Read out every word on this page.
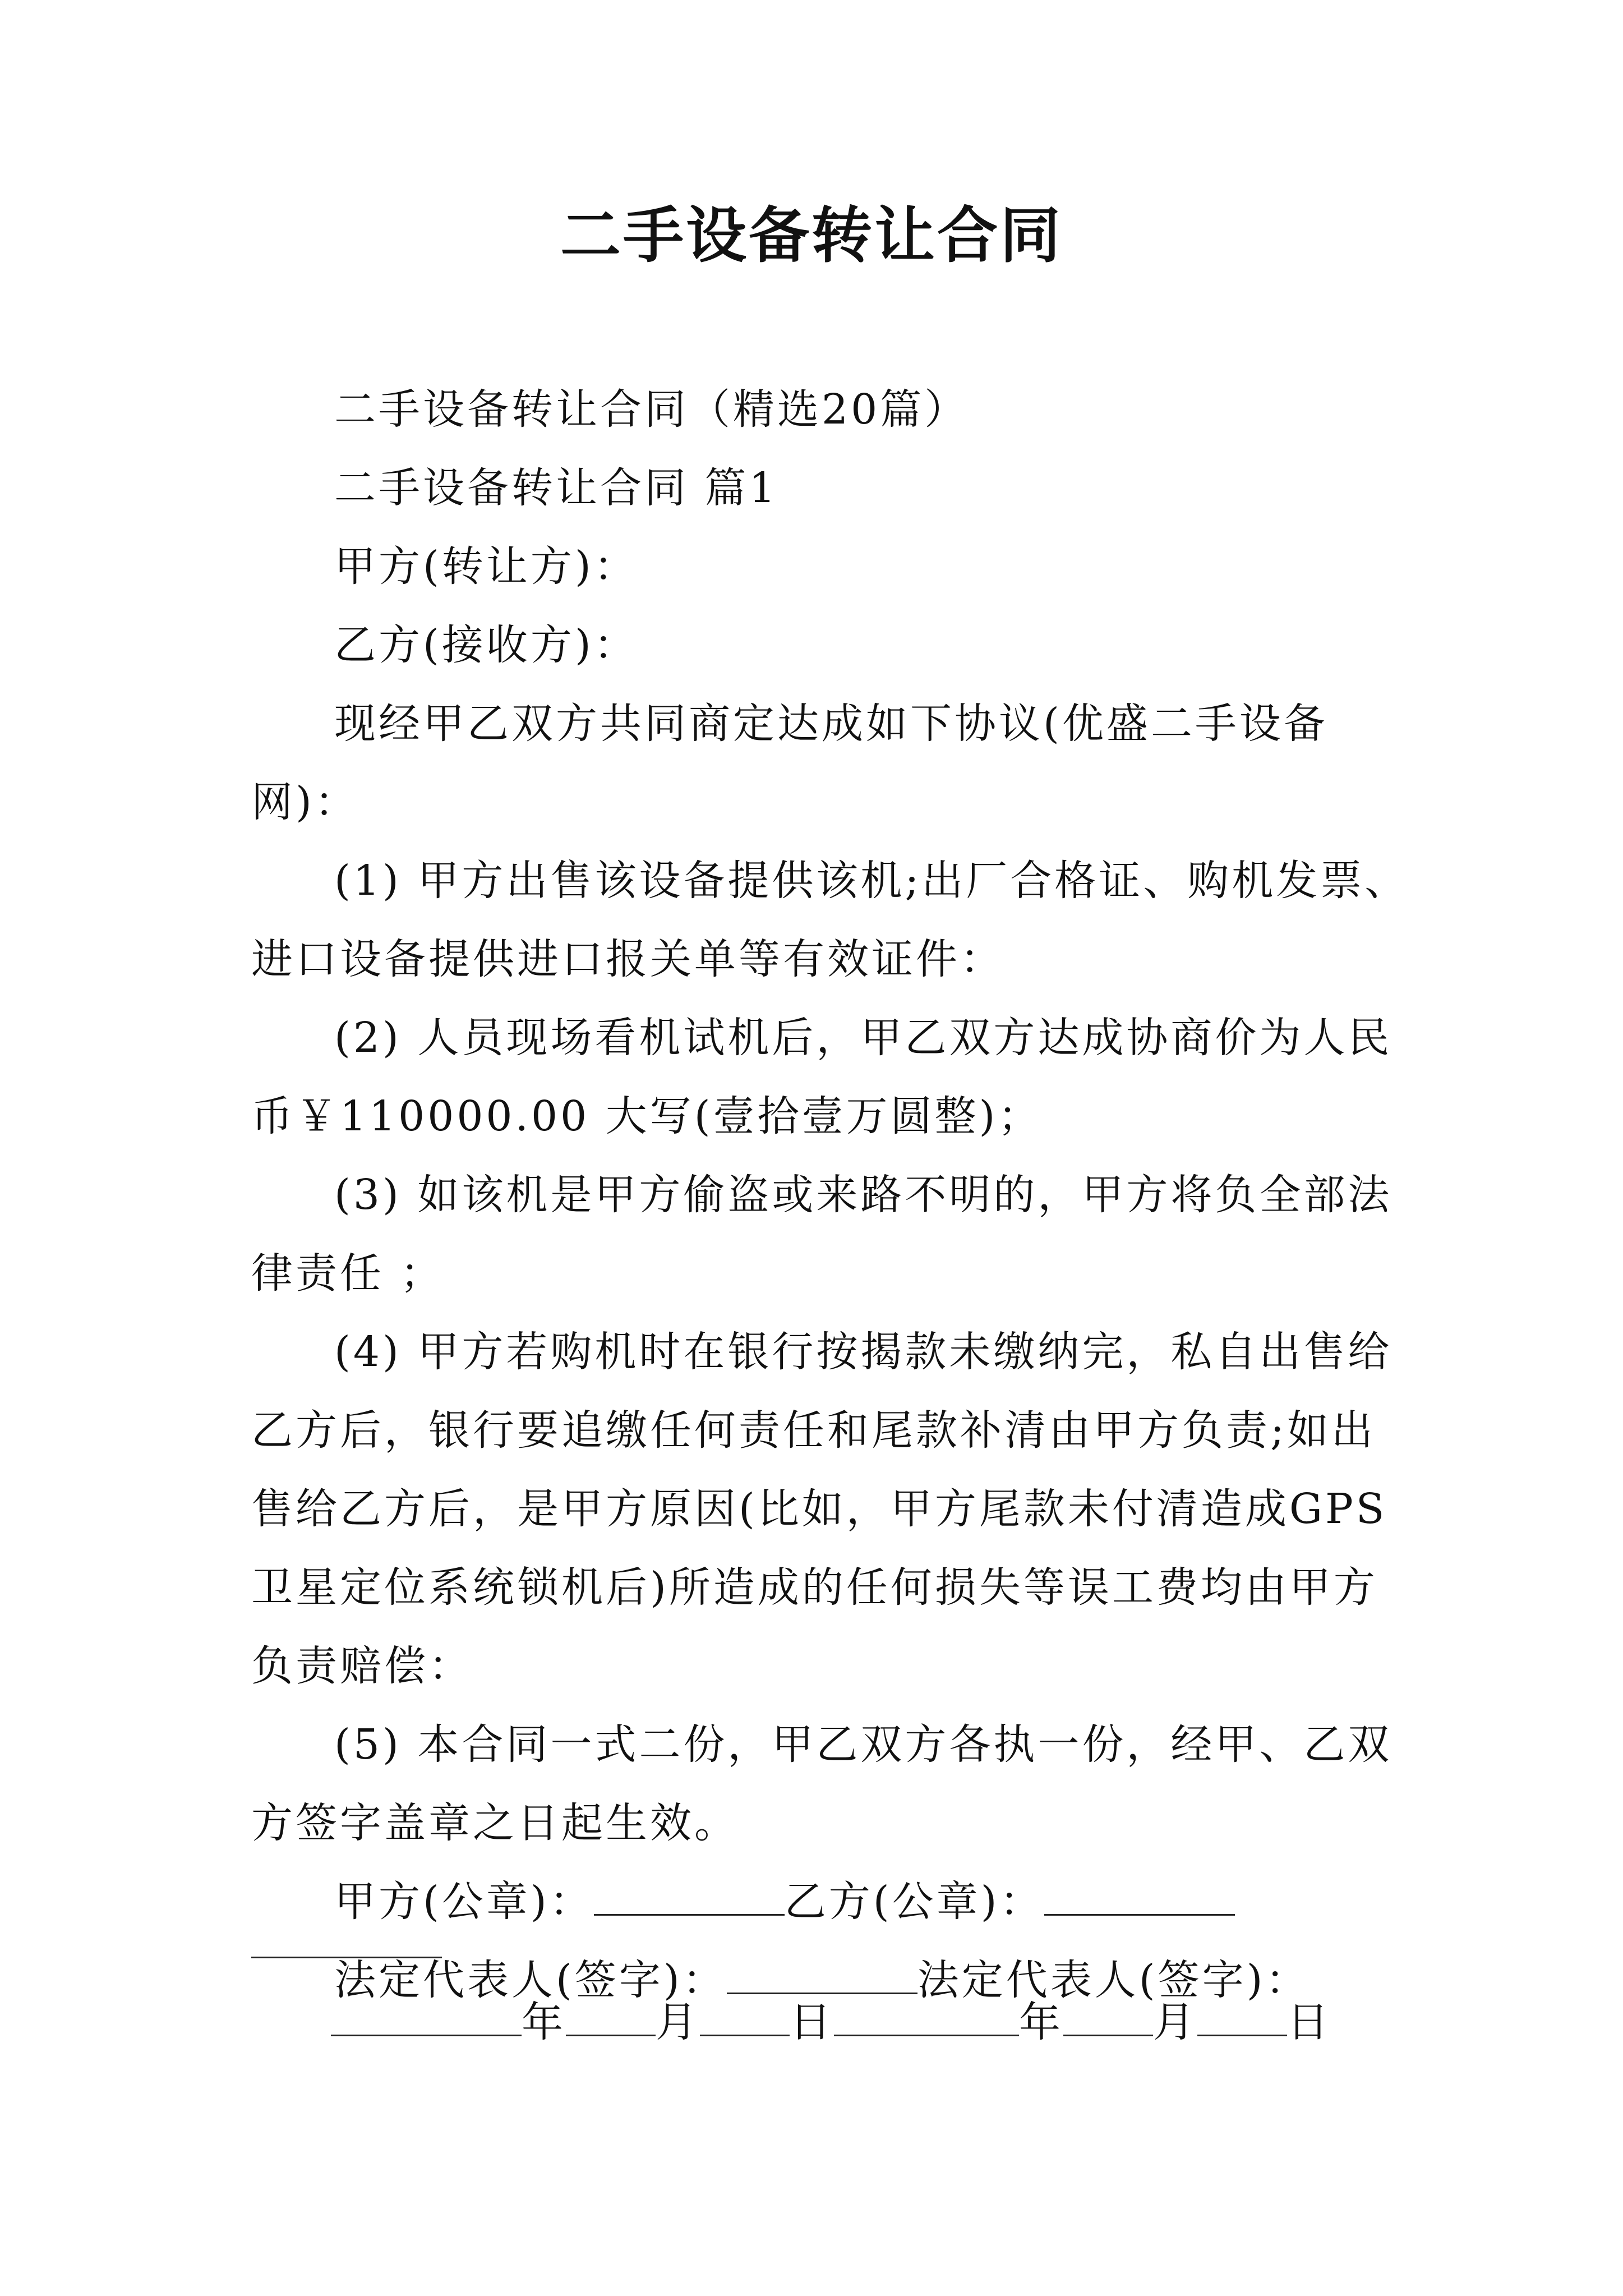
二手设备转让合同

二手设备转让合同（精选20篇）

二手设备转让合同 篇1

甲方(转让方)：

乙方(接收方)：

现经甲乙双方共同商定达成如下协议(优盛二手设备网)：

(1) 甲方出售该设备提供该机;出厂合格证、购机发票、进口设备提供进口报关单等有效证件：

(2) 人员现场看机试机后，甲乙双方达成协商价为人民币￥110000.00 大写(壹拾壹万圆整)；

(3) 如该机是甲方偷盗或来路不明的，甲方将负全部法律责任 ；

(4) 甲方若购机时在银行按揭款未缴纳完，私自出售给乙方后，银行要追缴任何责任和尾款补清由甲方负责;如出售给乙方后，是甲方原因(比如，甲方尾款未付清造成GPS卫星定位系统锁机后)所造成的任何损失等误工费均由甲方负责赔偿：

(5) 本合同一式二份，甲乙双方各执一份，经甲、乙双方签字盖章之日起生效。

甲方(公章)：	乙方(公章)：

法定代表人(签字)：	法定代表人(签字)：

年 月 日	年 月 日
